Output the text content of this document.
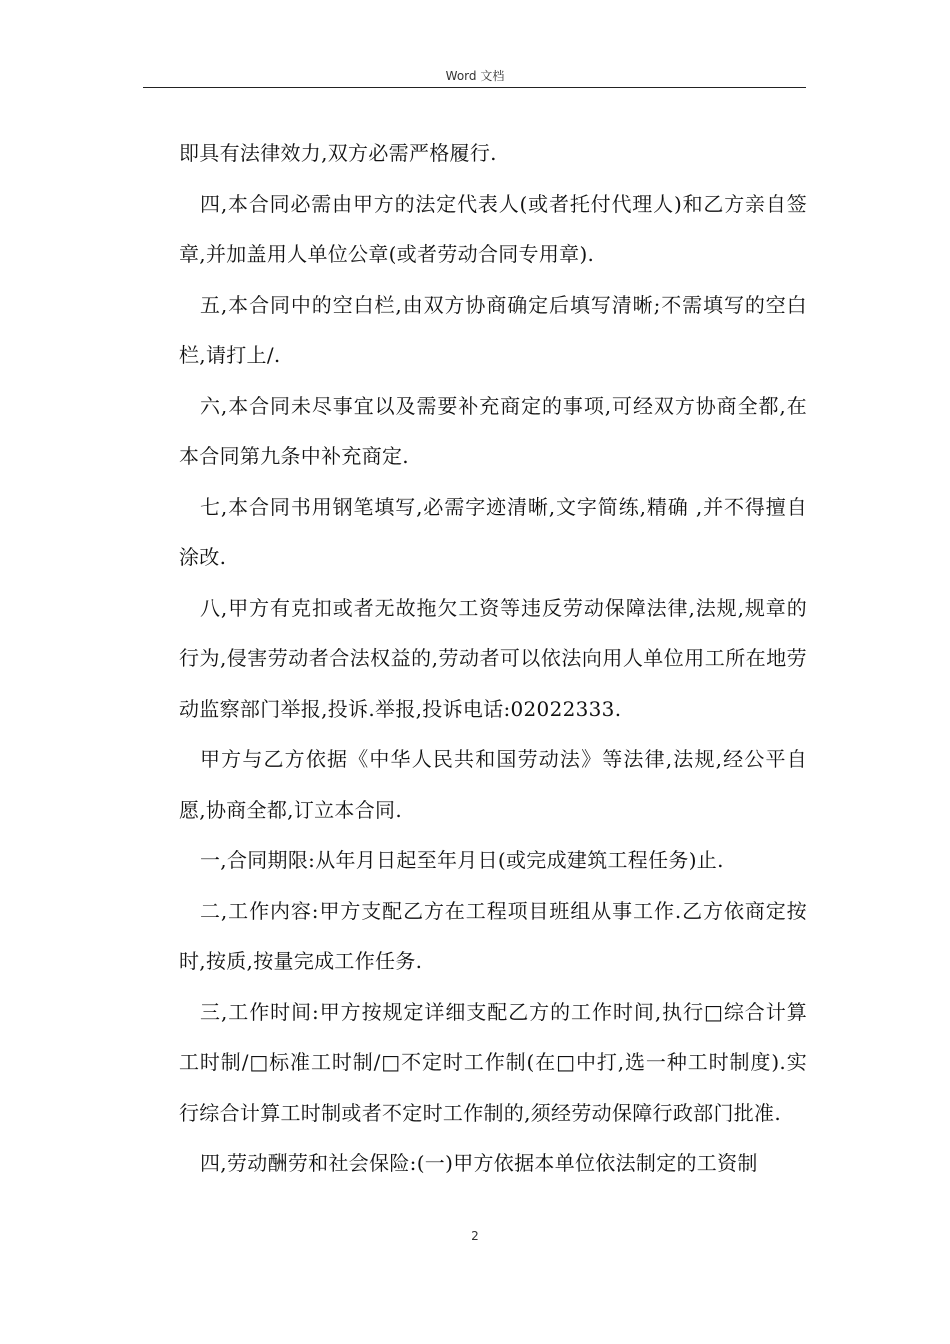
Word 文档

即具有法律效力,双方必需严格履行.

四,本合同必需由甲方的法定代表人(或者托付代理人)和乙方亲自签章,并加盖用人单位公章(或者劳动合同专用章).

五,本合同中的空白栏,由双方协商确定后填写清晰;不需填写的空白栏,请打上/.

六,本合同未尽事宜以及需要补充商定的事项,可经双方协商全都,在本合同第九条中补充商定.

七,本合同书用钢笔填写,必需字迹清晰,文字简练,精确 ,并不得擅自涂改.

八,甲方有克扣或者无故拖欠工资等违反劳动保障法律,法规,规章的行为,侵害劳动者合法权益的,劳动者可以依法向用人单位用工所在地劳动监察部门举报,投诉.举报,投诉电话:02022333.

甲方与乙方依据《中华人民共和国劳动法》等法律,法规,经公平自愿,协商全都,订立本合同.

一,合同期限:从年月日起至年月日(或完成建筑工程任务)止.

二,工作内容:甲方支配乙方在工程项目班组从事工作.乙方依商定按时,按质,按量完成工作任务.

三,工作时间:甲方按规定详细支配乙方的工作时间,执行□综合计算工时制/□标准工时制/□不定时工作制(在□中打,选一种工时制度).实行综合计算工时制或者不定时工作制的,须经劳动保障行政部门批准.

四,劳动酬劳和社会保险:(一)甲方依据本单位依法制定的工资制

2
